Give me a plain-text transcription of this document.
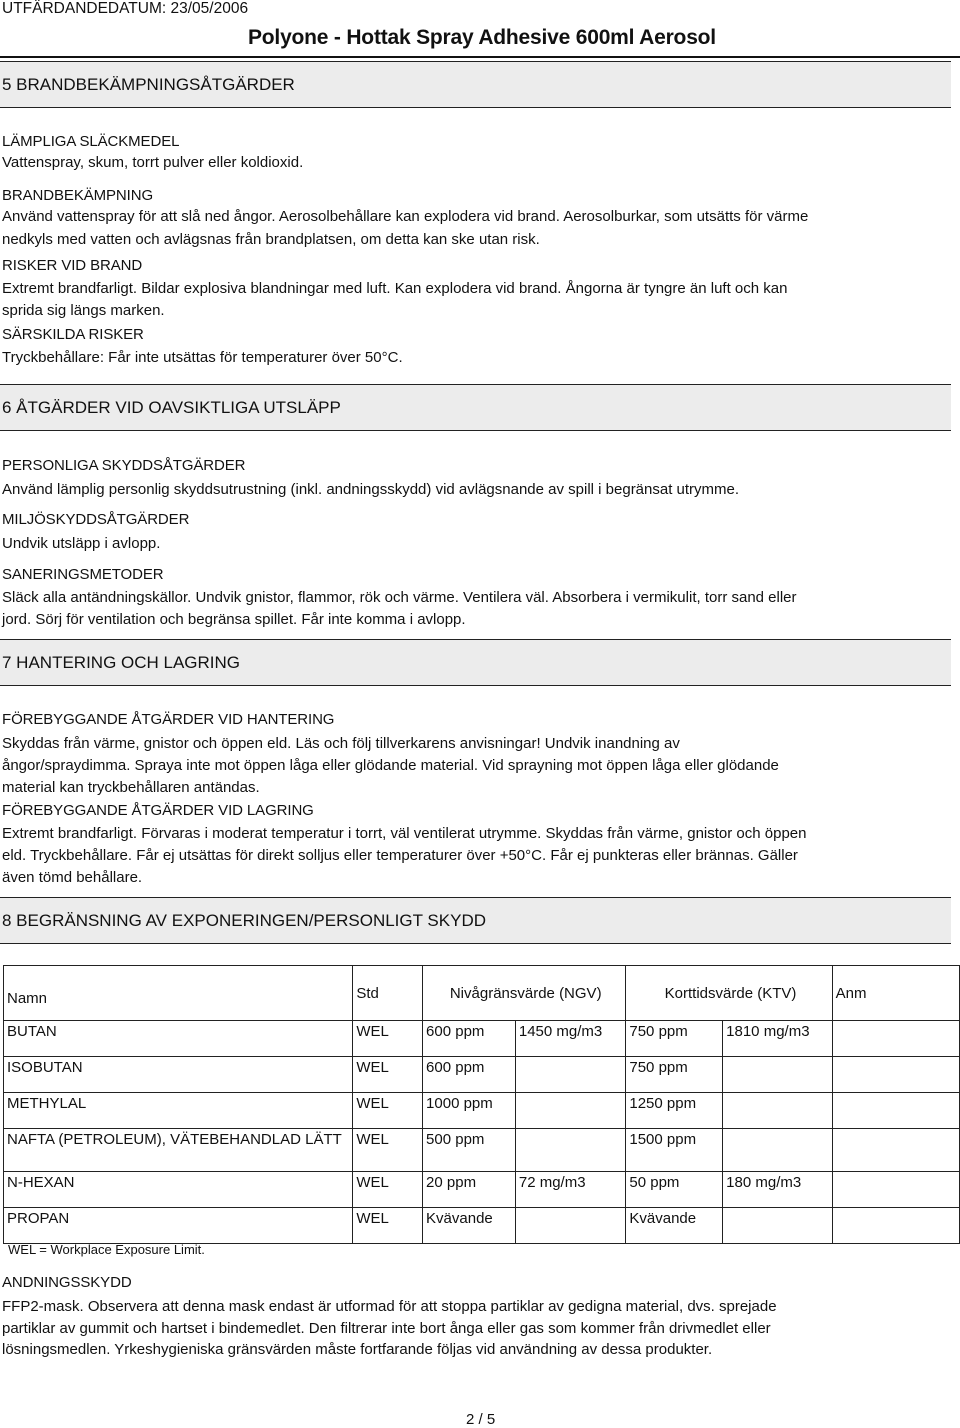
UTFÄRDANDEDATUM: 23/05/2006
Polyone - Hottak Spray Adhesive 600ml Aerosol
5 BRANDBEKÄMPNINGSÅTGÄRDER
LÄMPLIGA SLÄCKMEDEL
Vattenspray, skum, torrt pulver eller koldioxid.
BRANDBEKÄMPNING
Använd vattenspray för att slå ned ångor. Aerosolbehållare kan explodera vid brand. Aerosolburkar, som utsätts för värme
nedkyls med vatten och avlägsnas från brandplatsen, om detta kan ske utan risk.
RISKER VID BRAND
Extremt brandfarligt. Bildar explosiva blandningar med luft. Kan explodera vid brand. Ångorna är tyngre än luft och kan
sprida sig längs marken.
SÄRSKILDA RISKER
Tryckbehållare: Får inte utsättas för temperaturer över 50°C.
6 ÅTGÄRDER VID OAVSIKTLIGA UTSLÄPP
PERSONLIGA SKYDDSÅTGÄRDER
Använd lämplig personlig skyddsutrustning (inkl. andningsskydd) vid avlägsnande av spill i begränsat utrymme.
MILJÖSKYDDSÅTGÄRDER
Undvik utsläpp i avlopp.
SANERINGSMETODER
Släck alla antändningskällor. Undvik gnistor, flammor, rök och värme. Ventilera väl. Absorbera i vermikulit, torr sand eller
jord. Sörj för ventilation och begränsa spillet. Får inte komma i avlopp.
7 HANTERING OCH LAGRING
FÖREBYGGANDE ÅTGÄRDER VID HANTERING
Skyddas från värme, gnistor och öppen eld. Läs och följ tillverkarens anvisningar! Undvik inandning av
ångor/spraydimma. Spraya inte mot öppen låga eller glödande material. Vid sprayning mot öppen låga eller glödande
material kan tryckbehållaren antändas.
FÖREBYGGANDE ÅTGÄRDER VID LAGRING
Extremt brandfarligt. Förvaras i moderat temperatur i torrt, väl ventilerat utrymme. Skyddas från värme, gnistor och öppen
eld. Tryckbehållare. Får ej utsättas för direkt solljus eller temperaturer över +50°C. Får ej punkteras eller brännas. Gäller
även tömd behållare.
8 BEGRÄNSNING AV EXPONERINGEN/PERSONLIGT SKYDD
Namn	Std	Nivågränsvärde (NGV)		Korttidsvärde (KTV)		Anm
BUTAN	WEL	600 ppm	1450 mg/m3	750 ppm	1810 mg/m3	
ISOBUTAN	WEL	600 ppm		750 ppm		
METHYLAL	WEL	1000 ppm		1250 ppm		
NAFTA (PETROLEUM), VÄTEBEHANDLAD LÄTT	WEL	500 ppm		1500 ppm		
N-HEXAN	WEL	20 ppm	72 mg/m3	50 ppm	180 mg/m3	
PROPAN	WEL	Kvävande		Kvävande		
WEL = Workplace Exposure Limit.
ANDNINGSSKYDD
FFP2-mask. Observera att denna mask endast är utformad för att stoppa partiklar av gedigna material, dvs. sprejade
partiklar av gummit och hartset i bindemedlet. Den filtrerar inte bort ånga eller gas som kommer från drivmedlet eller
lösningsmedlen. Yrkeshygieniska gränsvärden måste fortfarande följas vid användning av dessa produkter.
2 / 5
